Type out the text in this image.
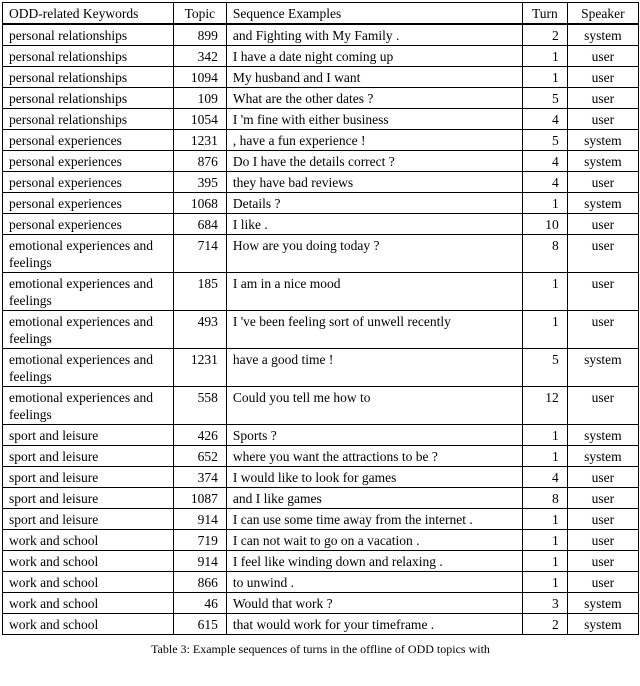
ODD-related Keywords	Topic	Sequence Examples	Turn	Speaker
personal relationships	899	and Fighting with My Family .	2	system
personal relationships	342	I have a date night coming up	1	user
personal relationships	1094	My husband and I want	1	user
personal relationships	109	What are the other dates ?	5	user
personal relationships	1054	I 'm fine with either business	4	user
personal experiences	1231	, have a fun experience !	5	system
personal experiences	876	Do I have the details correct ?	4	system
personal experiences	395	they have bad reviews	4	user
personal experiences	1068	Details ?	1	system
personal experiences	684	I like .	10	user
emotional experiences and feelings	714	How are you doing today ?	8	user
emotional experiences and feelings	185	I am in a nice mood	1	user
emotional experiences and feelings	493	I 've been feeling sort of unwell recently	1	user
emotional experiences and feelings	1231	have a good time !	5	system
emotional experiences and feelings	558	Could you tell me how to	12	user
sport and leisure	426	Sports ?	1	system
sport and leisure	652	where you want the attractions to be ?	1	system
sport and leisure	374	I would like to look for games	4	user
sport and leisure	1087	and I like games	8	user
sport and leisure	914	I can use some time away from the internet .	1	user
work and school	719	I can not wait to go on a vacation .	1	user
work and school	914	I feel like winding down and relaxing .	1	user
work and school	866	to unwind .	1	user
work and school	46	Would that work ?	3	system
work and school	615	that would work for your timeframe .	2	system
Table 3: Example sequences of turns in the offline of ODD topics with
